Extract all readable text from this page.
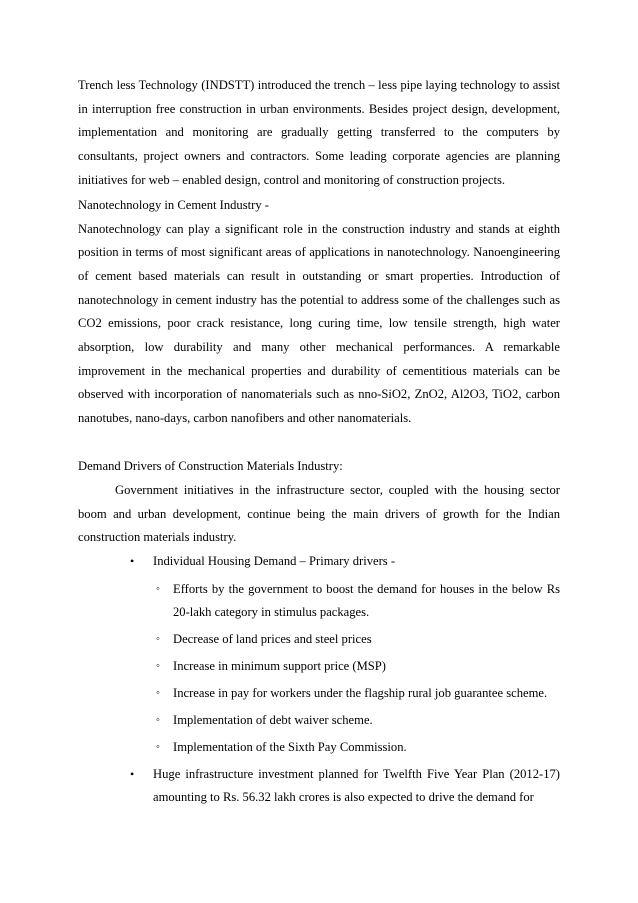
Trench less Technology (INDSTT) introduced the trench – less pipe laying technology to assist in interruption free construction in urban environments. Besides project design, development, implementation and monitoring are gradually getting transferred to the computers by consultants, project owners and contractors. Some leading corporate agencies are planning initiatives for web – enabled design, control and monitoring of construction projects.

Nanotechnology in Cement Industry -

Nanotechnology can play a significant role in the construction industry and stands at eighth position in terms of most significant areas of applications in nanotechnology. Nanoengineering of cement based materials can result in outstanding or smart properties. Introduction of nanotechnology in cement industry has the potential to address some of the challenges such as CO2 emissions, poor crack resistance, long curing time, low tensile strength, high water absorption, low durability and many other mechanical performances. A remarkable improvement in the mechanical properties and durability of cementitious materials can be observed with incorporation of nanomaterials such as nno-SiO2, ZnO2, Al2O3, TiO2, carbon nanotubes, nano-days, carbon nanofibers and other nanomaterials.

Demand Drivers of Construction Materials Industry:

Government initiatives in the infrastructure sector, coupled with the housing sector boom and urban development, continue being the main drivers of growth for the Indian construction materials industry.

• Individual Housing Demand – Primary drivers -
◦ Efforts by the government to boost the demand for houses in the below Rs 20-lakh category in stimulus packages.
◦ Decrease of land prices and steel prices
◦ Increase in minimum support price (MSP)
◦ Increase in pay for workers under the flagship rural job guarantee scheme.
◦ Implementation of debt waiver scheme.
◦ Implementation of the Sixth Pay Commission.
• Huge infrastructure investment planned for Twelfth Five Year Plan (2012-17) amounting to Rs. 56.32 lakh crores is also expected to drive the demand for
